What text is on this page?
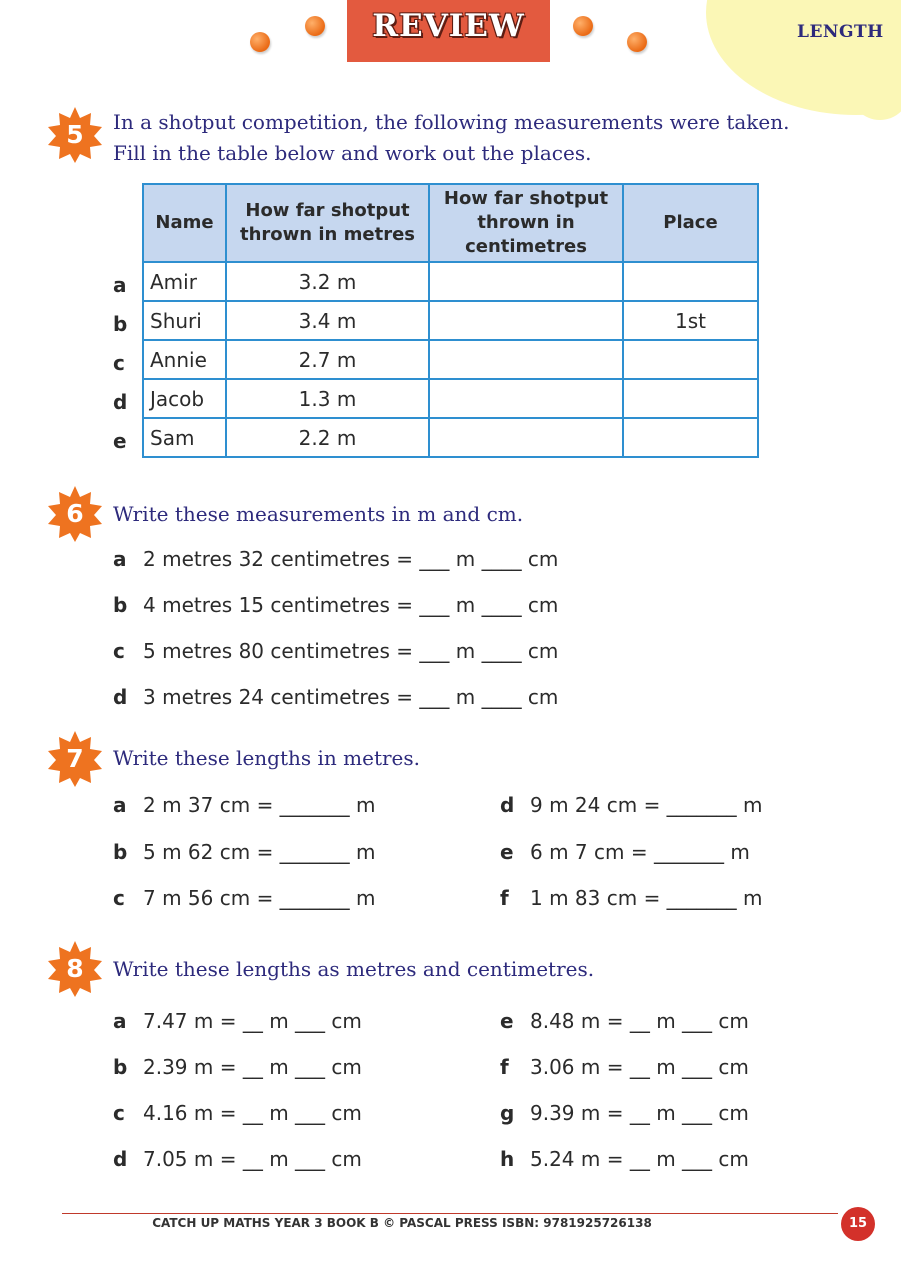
LENGTH
REVIEW
5	In a shotput competition, the following measurements were taken.
Fill in the table below and work out the places.
Name	How far shotput thrown in metres	How far shotput thrown in centimetres	Place
Amir	3.2 m		
Shuri	3.4 m		1st
Annie	2.7 m		
Jacob	1.3 m		
Sam	2.2 m		
a
b
c
d
e
6	Write these measurements in m and cm.
a 2 metres 32 centimetres = ___ m ____ cm
b 4 metres 15 centimetres = ___ m ____ cm
c 5 metres 80 centimetres = ___ m ____ cm
d 3 metres 24 centimetres = ___ m ____ cm
7	Write these lengths in metres.
a 2 m 37 cm = _______ m
b 5 m 62 cm = _______ m
c 7 m 56 cm = _______ m
d 9 m 24 cm = _______ m
e 6 m 7 cm = _______ m
f 1 m 83 cm = _______ m
8	Write these lengths as metres and centimetres.
a 7.47 m = __ m ___ cm
b 2.39 m = __ m ___ cm
c 4.16 m = __ m ___ cm
d 7.05 m = __ m ___ cm
e 8.48 m = __ m ___ cm
f 3.06 m = __ m ___ cm
g 9.39 m = __ m ___ cm
h 5.24 m = __ m ___ cm
CATCH UP MATHS YEAR 3 BOOK B © PASCAL PRESS ISBN: 9781925726138	15
